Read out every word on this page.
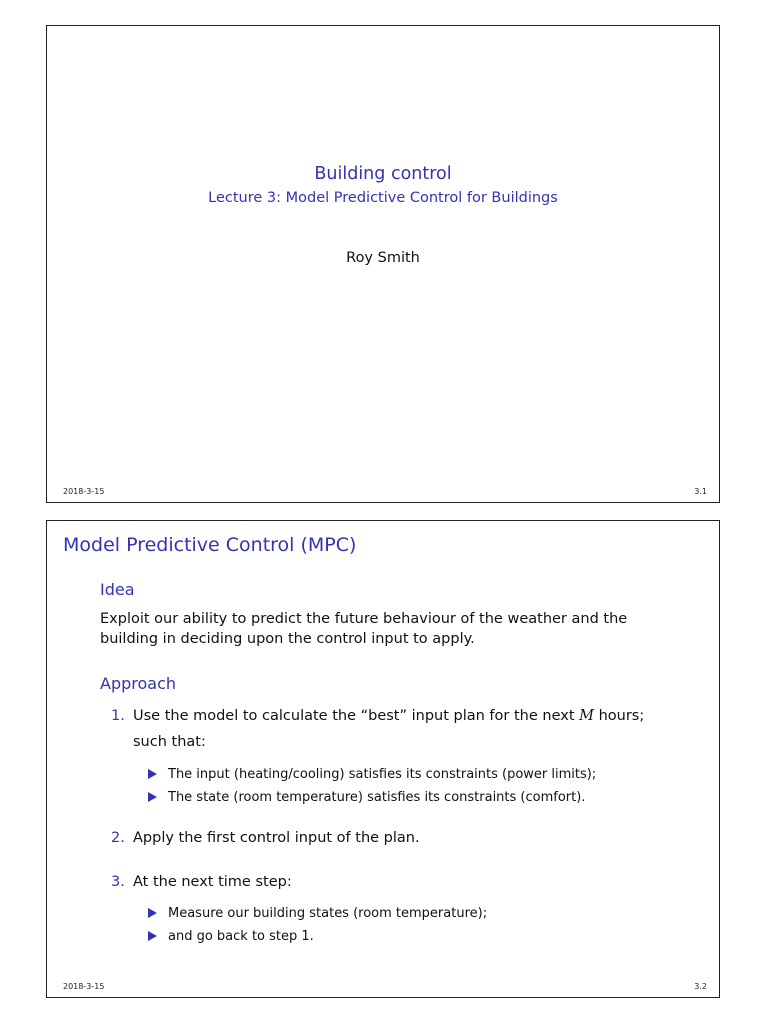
Building control
Lecture 3: Model Predictive Control for Buildings
Roy Smith
2018-3-15	3.1
Model Predictive Control (MPC)
Idea
Exploit our ability to predict the future behaviour of the weather and the
building in deciding upon the control input to apply.
Approach
1. Use the model to calculate the “best” input plan for the next M hours;
such that:
The input (heating/cooling) satisfies its constraints (power limits);
The state (room temperature) satisfies its constraints (comfort).
2. Apply the first control input of the plan.
3. At the next time step:
Measure our building states (room temperature);
and go back to step 1.
2018-3-15	3.2
